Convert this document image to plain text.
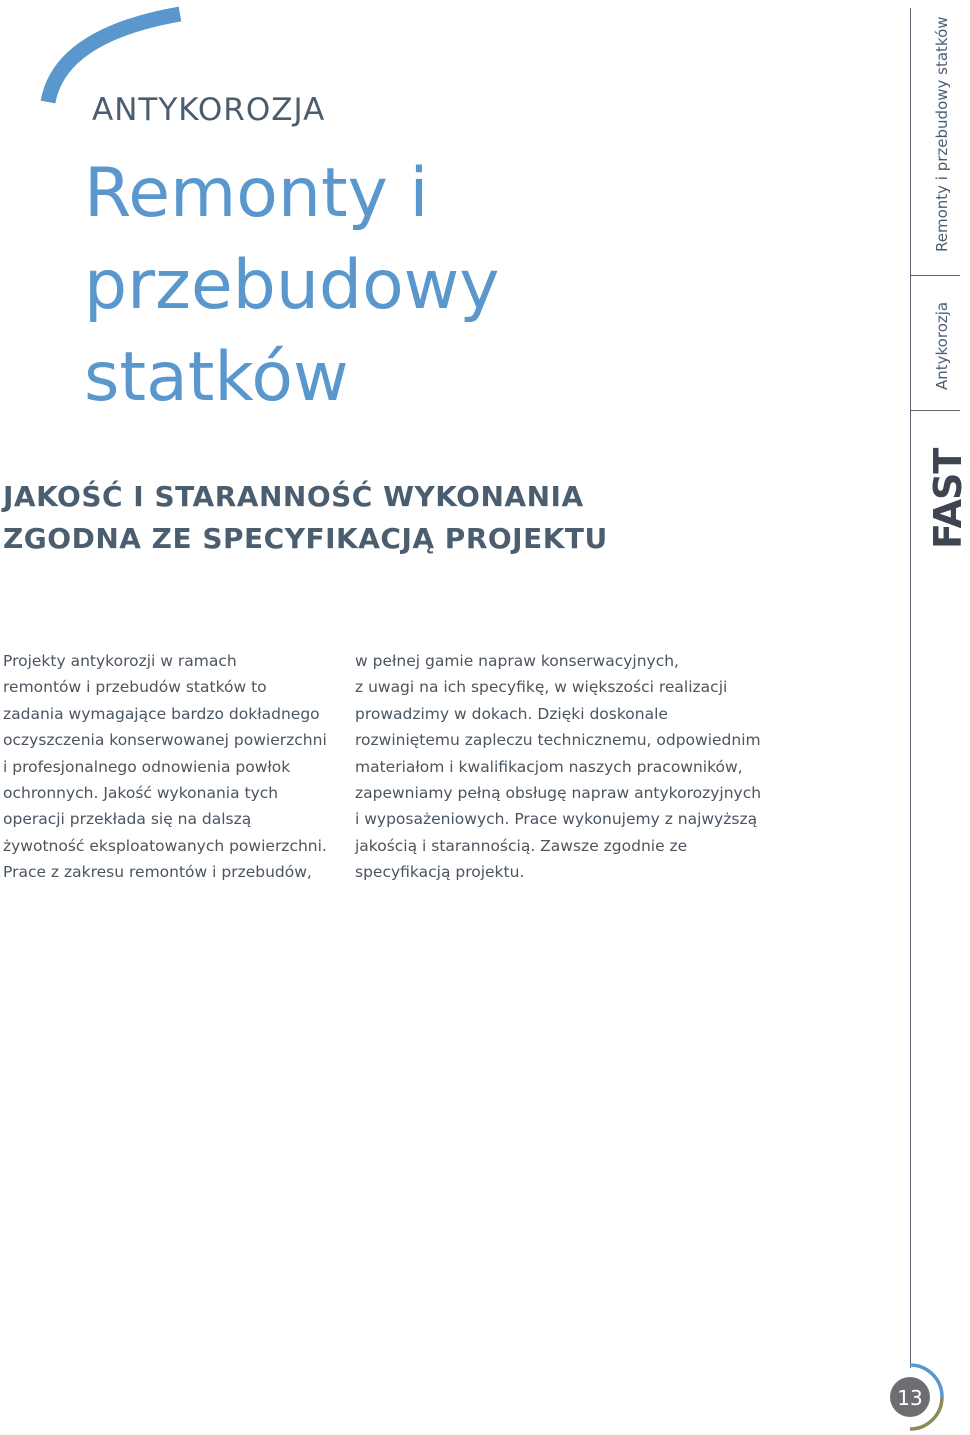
ANTYKOROZJA
Remonty i przebudowy
statków
JAKOŚĆ I STARANNOŚĆ WYKONANIA
ZGODNA ZE SPECYFIKACJĄ PROJEKTU
Projekty antykorozji w ramach
remontów i przebudów statków to
zadania wymagające bardzo dokładnego
oczyszczenia konserwowanej powierzchni
i profesjonalnego odnowienia powłok
ochronnych. Jakość wykonania tych
operacji przekłada się na dalszą
żywotność eksploatowanych powierzchni.
Prace z zakresu remontów i przebudów,
w pełnej gamie napraw konserwacyjnych,
z uwagi na ich specyfikę, w większości realizacji
prowadzimy w dokach. Dzięki doskonale
rozwiniętemu zapleczu technicznemu, odpowiednim
materiałom i kwalifikacjom naszych pracowników,
zapewniamy pełną obsługę napraw antykorozyjnych
i wyposażeniowych. Prace wykonujemy z najwyższą
jakością i starannością. Zawsze zgodnie ze
specyfikacją projektu.
Remonty i przebudowy statków
Antykorozja
FAST
13
